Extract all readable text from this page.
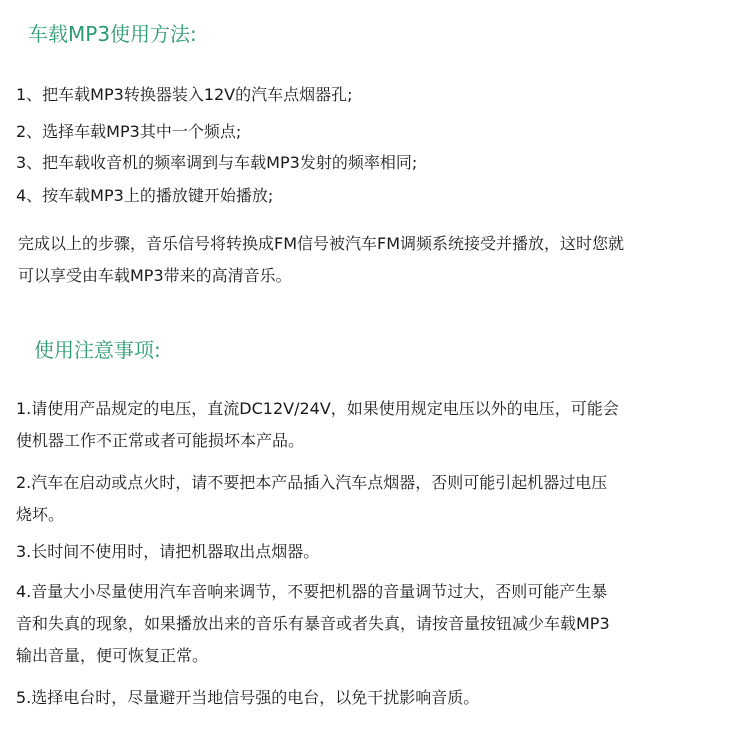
车载MP3使用方法:
1、把车载MP3转换器装入12V的汽车点烟器孔;
2、选择车载MP3其中一个频点;
3、把车载收音机的频率调到与车载MP3发射的频率相同;
4、按车载MP3上的播放键开始播放;
完成以上的步骤，音乐信号将转换成FM信号被汽车FM调频系统接受并播放，这时您就
可以享受由车载MP3带来的高清音乐。
使用注意事项:
1.请使用产品规定的电压，直流DC12V/24V，如果使用规定电压以外的电压，可能会
使机器工作不正常或者可能损坏本产品。
2.汽车在启动或点火时，请不要把本产品插入汽车点烟器，否则可能引起机器过电压
烧坏。
3.长时间不使用时，请把机器取出点烟器。
4.音量大小尽量使用汽车音响来调节，不要把机器的音量调节过大，否则可能产生暴
音和失真的现象，如果播放出来的音乐有暴音或者失真，请按音量按钮减少车载MP3
输出音量，便可恢复正常。
5.选择电台时，尽量避开当地信号强的电台，以免干扰影响音质。
